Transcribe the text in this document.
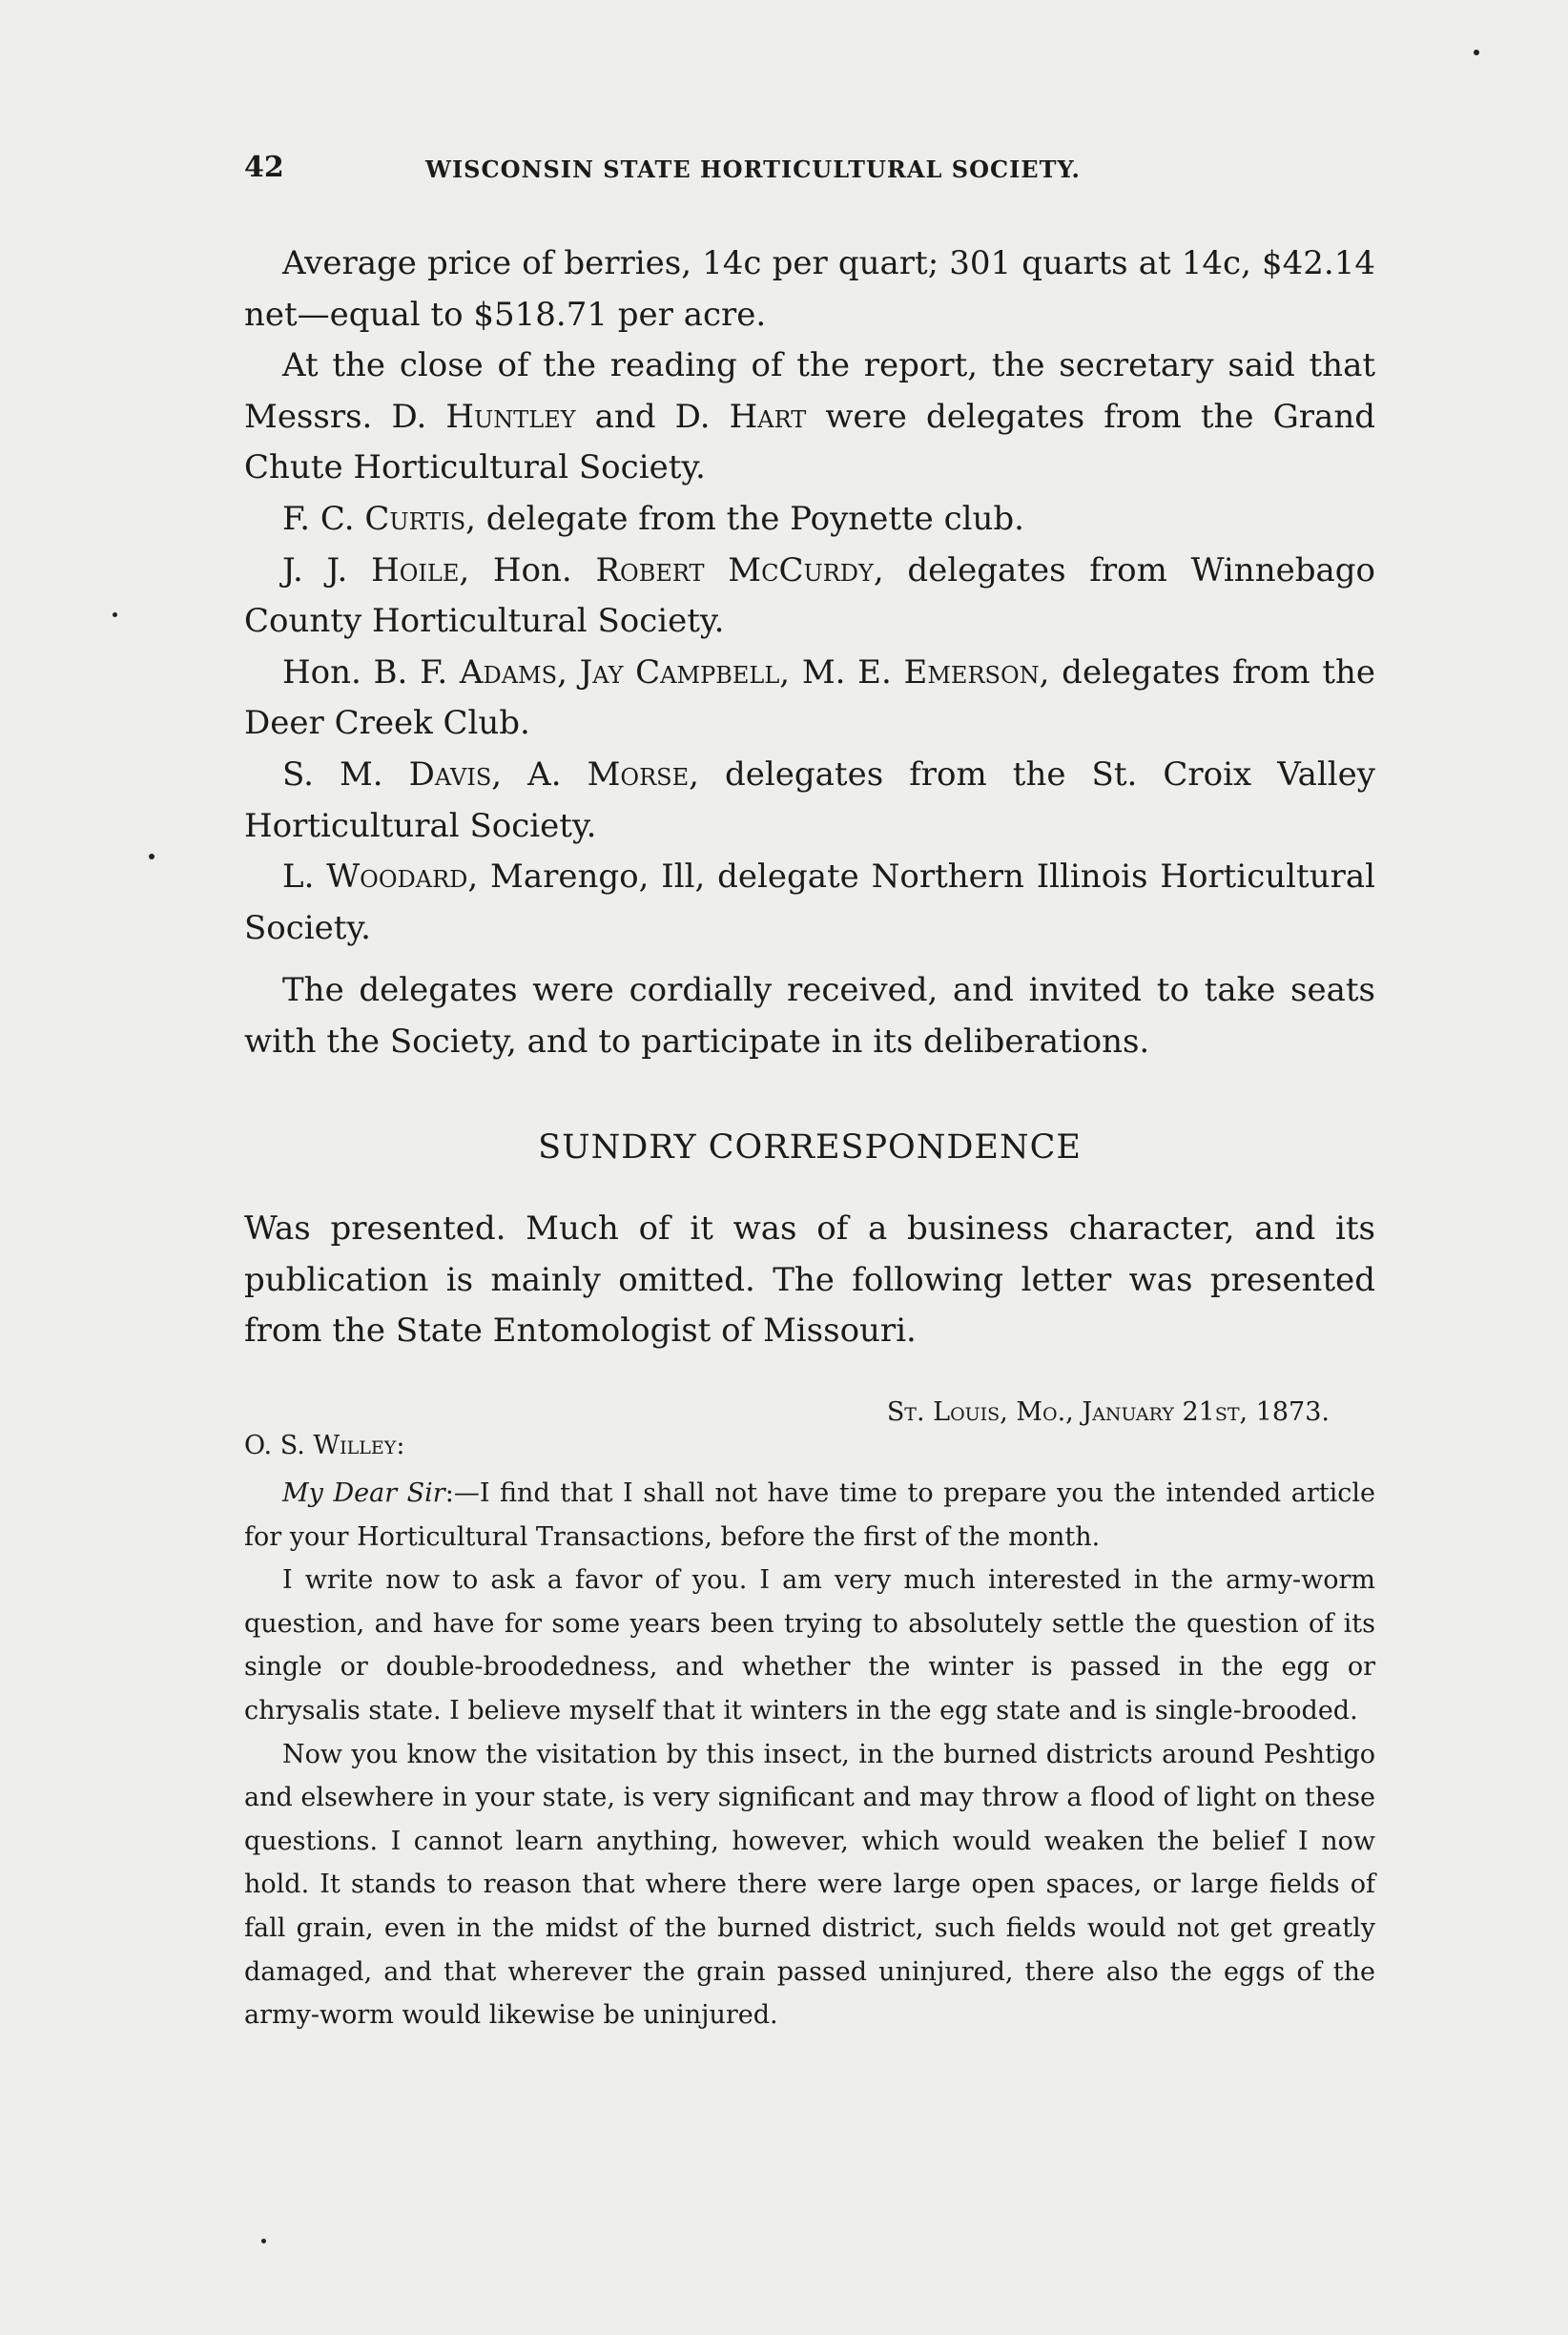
42	WISCONSIN STATE HORTICULTURAL SOCIETY.

Average price of berries, 14c per quart; 301 quarts at 14c, $42.14 net—equal to $518.71 per acre.

At the close of the reading of the report, the secretary said that Messrs. D. Huntley and D. Hart were delegates from the Grand Chute Horticultural Society.

F. C. Curtis, delegate from the Poynette club.

J. J. Hoile, Hon. Robert McCurdy, delegates from Winnebago County Horticultural Society.

Hon. B. F. Adams, Jay Campbell, M. E. Emerson, delegates from the Deer Creek Club.

S. M. Davis, A. Morse, delegates from the St. Croix Valley Horticultural Society.

L. Woodard, Marengo, Ill, delegate Northern Illinois Horticultural Society.

The delegates were cordially received, and invited to take seats with the Society, and to participate in its deliberations.

SUNDRY CORRESPONDENCE

Was presented. Much of it was of a business character, and its publication is mainly omitted. The following letter was presented from the State Entomologist of Missouri.

St. Louis, Mo., January 21st, 1873.
O. S. Willey:

My Dear Sir:—I find that I shall not have time to prepare you the intended article for your Horticultural Transactions, before the first of the month.

I write now to ask a favor of you. I am very much interested in the army-worm question, and have for some years been trying to absolutely settle the question of its single or double-broodedness, and whether the winter is passed in the egg or chrysalis state. I believe myself that it winters in the egg state and is single-brooded.

Now you know the visitation by this insect, in the burned districts around Peshtigo and elsewhere in your state, is very significant and may throw a flood of light on these questions. I cannot learn anything, however, which would weaken the belief I now hold. It stands to reason that where there were large open spaces, or large fields of fall grain, even in the midst of the burned district, such fields would not get greatly damaged, and that wherever the grain passed uninjured, there also the eggs of the army-worm would likewise be uninjured.
